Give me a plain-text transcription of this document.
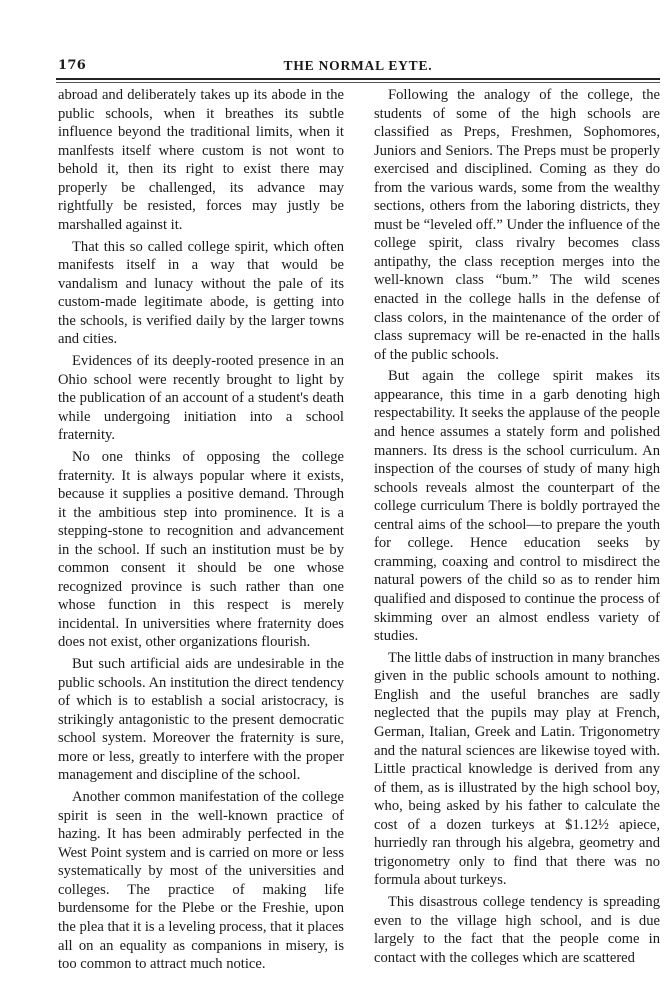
176	THE NORMAL EYTE.

abroad and deliberately takes up its abode in the public schools, when it breathes its subtle influence beyond the traditional limits, when it manlfests itself where custom is not wont to behold it, then its right to exist there may properly be challenged, its advance may rightfully be resisted, forces may justly be marshalled against it.

That this so called college spirit, which often manifests itself in a way that would be vandalism and lunacy without the pale of its custom-made legitimate abode, is getting into the schools, is verified daily by the larger towns and cities.

Evidences of its deeply-rooted presence in an Ohio school were recently brought to light by the publication of an account of a student's death while undergoing initiation into a school fraternity.

No one thinks of opposing the college fraternity. It is always popular where it exists, because it supplies a positive demand. Through it the ambitious step into prominence. It is a stepping-stone to recognition and advancement in the school. If such an institution must be by common consent it should be one whose recognized province is such rather than one whose function in this respect is merely incidental. In universities where fraternity does does not exist, other organizations flourish.

But such artificial aids are undesirable in the public schools. An institution the direct tendency of which is to establish a social aristocracy, is strikingly antagonistic to the present democratic school system. Moreover the fraternity is sure, more or less, greatly to interfere with the proper management and discipline of the school.

Another common manifestation of the college spirit is seen in the well-known practice of hazing. It has been admirably perfected in the West Point system and is carried on more or less systematically by most of the universities and colleges. The practice of making life burdensome for the Plebe or the Freshie, upon the plea that it is a leveling process, that it places all on an equality as companions in misery, is too common to attract much notice.

Following the analogy of the college, the students of some of the high schools are classified as Preps, Freshmen, Sophomores, Juniors and Seniors. The Preps must be properly exercised and disciplined. Coming as they do from the various wards, some from the wealthy sections, others from the laboring districts, they must be “leveled off.” Under the influence of the college spirit, class rivalry becomes class antipathy, the class reception merges into the well-known class “bum.” The wild scenes enacted in the college halls in the defense of class colors, in the maintenance of the order of class supremacy will be re-enacted in the halls of the public schools.

But again the college spirit makes its appearance, this time in a garb denoting high respectability. It seeks the applause of the people and hence assumes a stately form and polished manners. Its dress is the school curriculum. An inspection of the courses of study of many high schools reveals almost the counterpart of the college curriculum There is boldly portrayed the central aims of the school—to prepare the youth for college. Hence education seeks by cramming, coaxing and control to misdirect the natural powers of the child so as to render him qualified and disposed to continue the process of skimming over an almost endless variety of studies.

The little dabs of instruction in many branches given in the public schools amount to nothing. English and the useful branches are sadly neglected that the pupils may play at French, German, Italian, Greek and Latin. Trigonometry and the natural sciences are likewise toyed with. Little practical knowledge is derived from any of them, as is illustrated by the high school boy, who, being asked by his father to calculate the cost of a dozen turkeys at $1.12½ apiece, hurriedly ran through his algebra, geometry and trigonometry only to find that there was no formula about turkeys.

This disastrous college tendency is spreading even to the village high school, and is due largely to the fact that the people come in contact with the colleges which are scattered
